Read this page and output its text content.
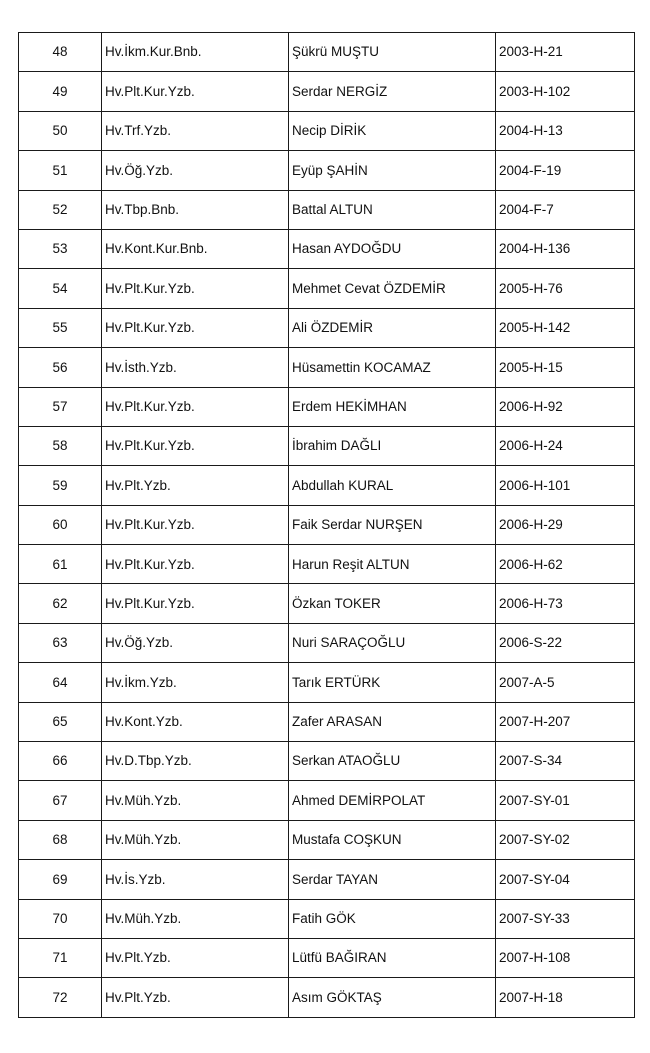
48	Hv.İkm.Kur.Bnb.	Şükrü MUŞTU	2003-H-21
49	Hv.Plt.Kur.Yzb.	Serdar NERGİZ	2003-H-102
50	Hv.Trf.Yzb.	Necip DİRİK	2004-H-13
51	Hv.Öğ.Yzb.	Eyüp ŞAHİN	2004-F-19
52	Hv.Tbp.Bnb.	Battal ALTUN	2004-F-7
53	Hv.Kont.Kur.Bnb.	Hasan AYDOĞDU	2004-H-136
54	Hv.Plt.Kur.Yzb.	Mehmet Cevat ÖZDEMİR	2005-H-76
55	Hv.Plt.Kur.Yzb.	Ali ÖZDEMİR	2005-H-142
56	Hv.İsth.Yzb.	Hüsamettin KOCAMAZ	2005-H-15
57	Hv.Plt.Kur.Yzb.	Erdem HEKİMHAN	2006-H-92
58	Hv.Plt.Kur.Yzb.	İbrahim DAĞLI	2006-H-24
59	Hv.Plt.Yzb.	Abdullah KURAL	2006-H-101
60	Hv.Plt.Kur.Yzb.	Faik Serdar NURŞEN	2006-H-29
61	Hv.Plt.Kur.Yzb.	Harun Reşit ALTUN	2006-H-62
62	Hv.Plt.Kur.Yzb.	Özkan TOKER	2006-H-73
63	Hv.Öğ.Yzb.	Nuri SARAÇOĞLU	2006-S-22
64	Hv.İkm.Yzb.	Tarık ERTÜRK	2007-A-5
65	Hv.Kont.Yzb.	Zafer ARASAN	2007-H-207
66	Hv.D.Tbp.Yzb.	Serkan ATAOĞLU	2007-S-34
67	Hv.Müh.Yzb.	Ahmed DEMİRPOLAT	2007-SY-01
68	Hv.Müh.Yzb.	Mustafa COŞKUN	2007-SY-02
69	Hv.İs.Yzb.	Serdar TAYAN	2007-SY-04
70	Hv.Müh.Yzb.	Fatih GÖK	2007-SY-33
71	Hv.Plt.Yzb.	Lütfü BAĞIRAN	2007-H-108
72	Hv.Plt.Yzb.	Asım GÖKTAŞ	2007-H-18
